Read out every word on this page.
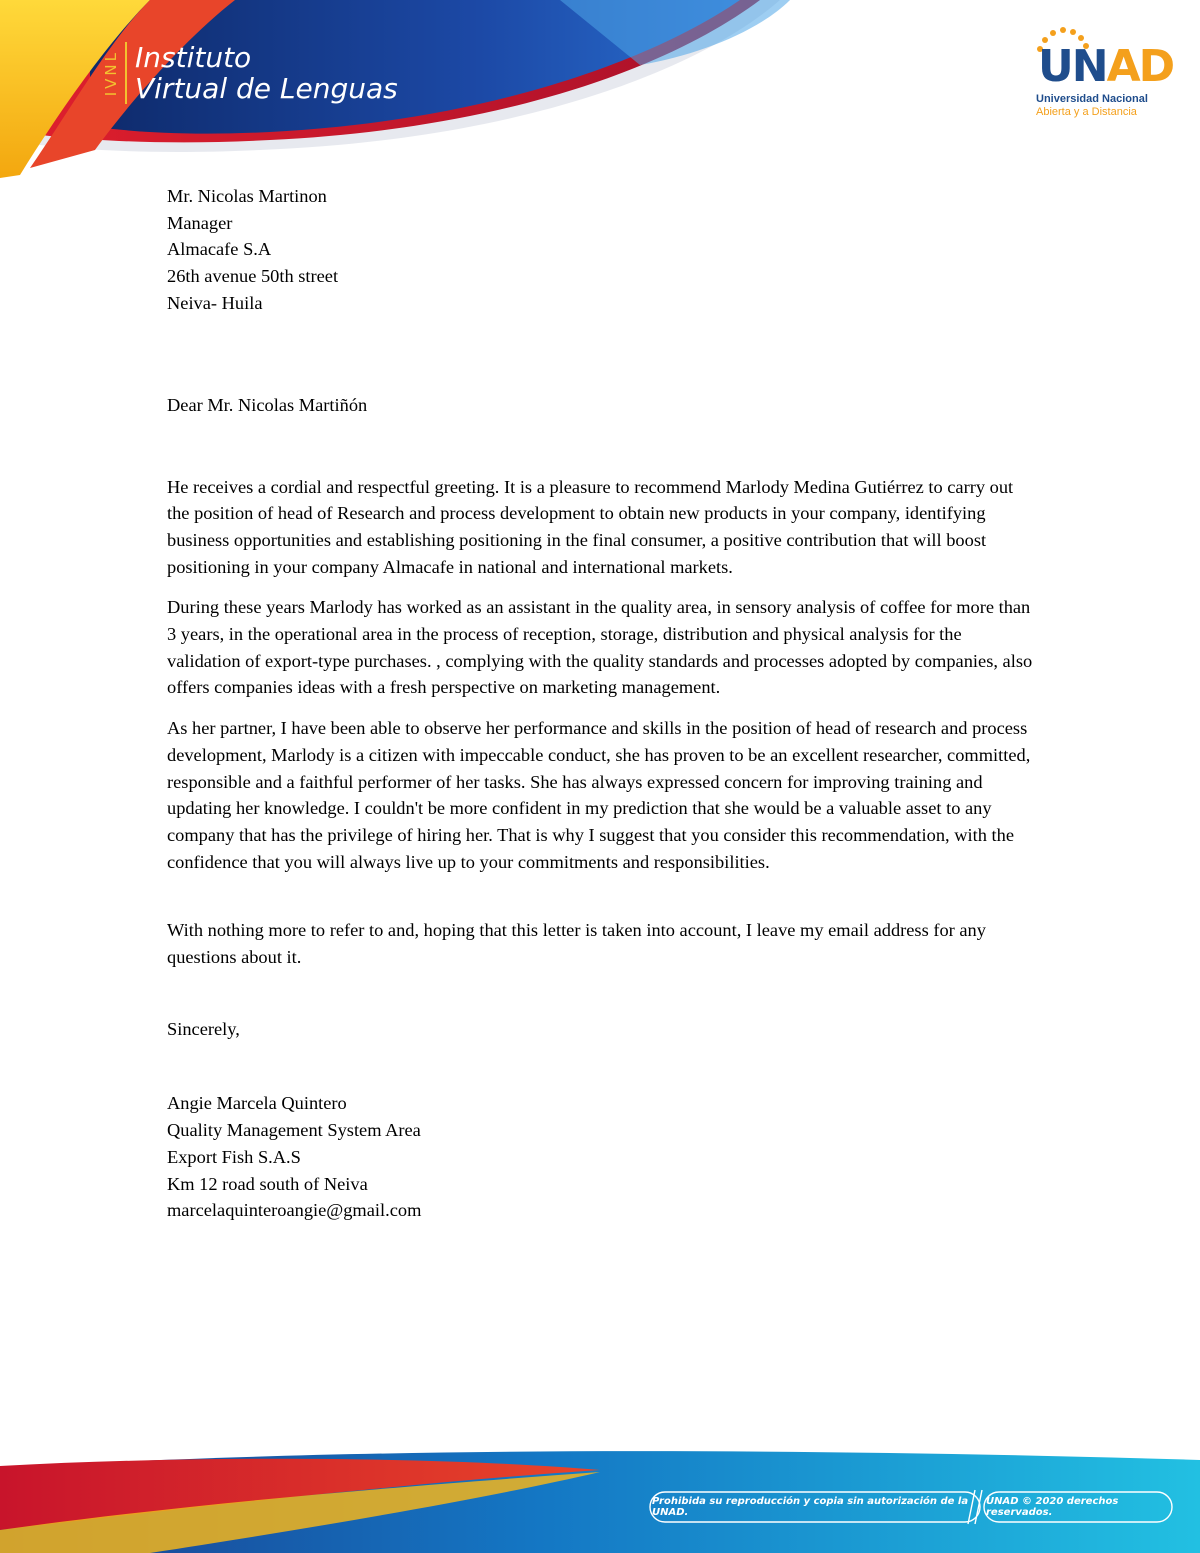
IVNL Instituto
Virtual de Lenguas	UNAD
Universidad Nacional
Abierta y a Distancia

Mr. Nicolas Martinon

Manager

Almacafe S.A

26th avenue 50th street

Neiva- Huila

Dear Mr. Nicolas Martiñón

He receives a cordial and respectful greeting. It is a pleasure to recommend Marlody Medina Gutiérrez to carry out the position of head of Research and process development to obtain new products in your company, identifying business opportunities and establishing positioning in the final consumer, a positive contribution that will boost positioning in your company Almacafe in national and international markets.

During these years Marlody has worked as an assistant in the quality area, in sensory analysis of coffee for more than 3 years, in the operational area in the process of reception, storage, distribution and physical analysis for the validation of export-type purchases. , complying with the quality standards and processes adopted by companies, also offers companies ideas with a fresh perspective on marketing management.

As her partner, I have been able to observe her performance and skills in the position of head of research and process development, Marlody is a citizen with impeccable conduct, she has proven to be an excellent researcher, committed, responsible and a faithful performer of her tasks. She has always expressed concern for improving training and updating her knowledge. I couldn't be more confident in my prediction that she would be a valuable asset to any company that has the privilege of hiring her. That is why I suggest that you consider this recommendation, with the confidence that you will always live up to your commitments and responsibilities.

With nothing more to refer to and, hoping that this letter is taken into account, I leave my email address for any questions about it.

Sincerely,

Angie Marcela Quintero

Quality Management System Area

Export Fish S.A.S

Km 12 road south of Neiva

marcelaquinteroangie@gmail.com

Prohibida su reproducción y copia sin autorización de la UNAD.
UNAD © 2020 derechos reservados.
